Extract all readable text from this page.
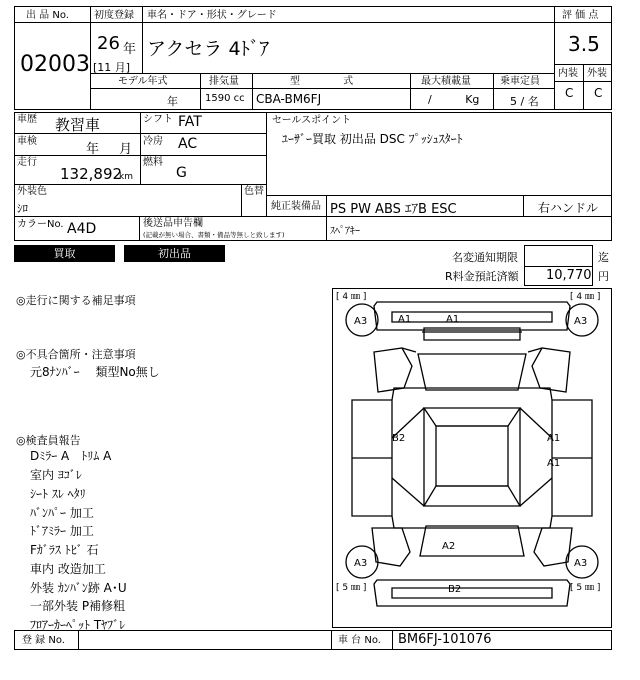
出 品 No.
02003
初度登録 車名・ドア・形状・グレード
26 年
[11 月]
アクセラ 4ﾄﾞｱ
評 価 点
3.5
内装 外装
C C
モデル年式	排気量	型 式	最大積載量	乗車定員
年	1590 cc CBA-BM6FJ	/ Kg	5 / 名
車歴 教習車	シフト FAT
車検
年 月
冷房 AC
走行
132,892
km
燃料
G
セールスポイント
ﾕｰｻﾞｰ買取 初出品 DSC ﾌﾟｯｼｭｽﾀｰﾄ
外装色
ｼﾛ
色替
純正装備品 PS PW ABS ｴｱB ESC	右ハンドル
カラーNo. A4D	後送品申告欄
(記載が無い場合、書類・備品等無しと致します)	ｽﾍﾟｱｷｰ
買取	初出品	名変通知期限	迄
R料金預託済額 10,770 円
◎走行に関する補足事項
◎不具合箇所・注意事項
元8ﾅﾝﾊﾞｰ　 類型No無し
◎検査員報告
Dﾐﾗｰ A　ﾄﾘﾑ A
室内 ﾖｺﾞﾚ
ｼｰﾄ ｽﾚ ﾍﾀﾘ
ﾊﾞﾝﾊﾟｰ 加工
ﾄﾞｱﾐﾗｰ 加工
Fｶﾞﾗｽ ﾄﾋﾞ 石
車内 改造加工
外装 ｶﾝﾊﾞﾝ跡 A･U
一部外装 P補修粗
ﾌﾛｱｰｶｰﾍﾟｯﾄ Tﾔﾌﾞﾚ
[ 4 ㎜ ]	[ 4 ㎜ ]
[ 5 ㎜ ]	[ 5 ㎜ ]
A3	A3
A1	A1
B2	A1
A1
A2
A3	A3
B2
登 録 No.	車 台 No. BM6FJ-101076
